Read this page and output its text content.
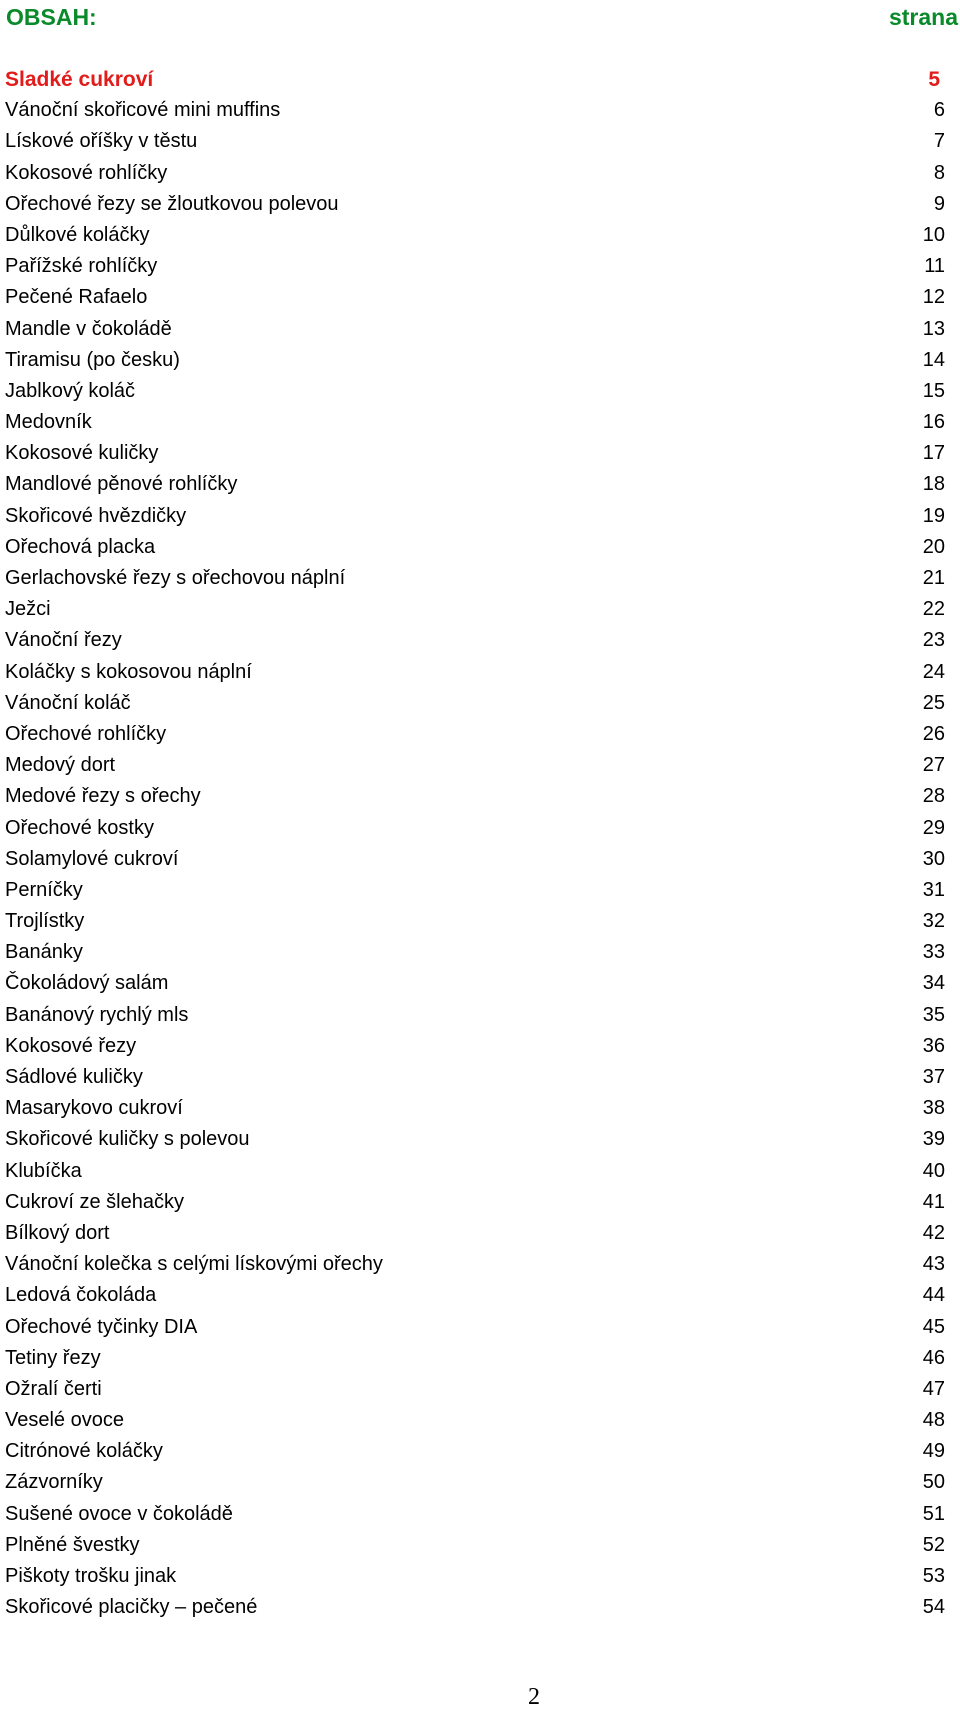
OBSAH:	strana
Sladké cukroví	5
Vánoční skořicové mini muffins	6
Lískové oříšky v těstu	7
Kokosové rohlíčky	8
Ořechové řezy se žloutkovou polevou	9
Důlkové koláčky	10
Pařížské rohlíčky	11
Pečené Rafaelo	12
Mandle v čokoládě	13
Tiramisu (po česku)	14
Jablkový koláč	15
Medovník	16
Kokosové kuličky	17
Mandlové pěnové rohlíčky	18
Skořicové hvězdičky	19
Ořechová placka	20
Gerlachovské řezy s ořechovou náplní	21
Ježci	22
Vánoční řezy	23
Koláčky s kokosovou náplní	24
Vánoční koláč	25
Ořechové rohlíčky	26
Medový dort	27
Medové řezy s ořechy	28
Ořechové kostky	29
Solamylové cukroví	30
Perníčky	31
Trojlístky	32
Banánky	33
Čokoládový salám	34
Banánový rychlý mls	35
Kokosové řezy	36
Sádlové kuličky	37
Masarykovo cukroví	38
Skořicové kuličky s polevou	39
Klubíčka	40
Cukroví ze šlehačky	41
Bílkový dort	42
Vánoční kolečka s celými lískovými ořechy	43
Ledová čokoláda	44
Ořechové tyčinky DIA	45
Tetiny řezy	46
Ožralí čerti	47
Veselé ovoce	48
Citrónové koláčky	49
Zázvorníky	50
Sušené ovoce v čokoládě	51
Plněné švestky	52
Piškoty trošku jinak	53
Skořicové placičky – pečené	54
2
